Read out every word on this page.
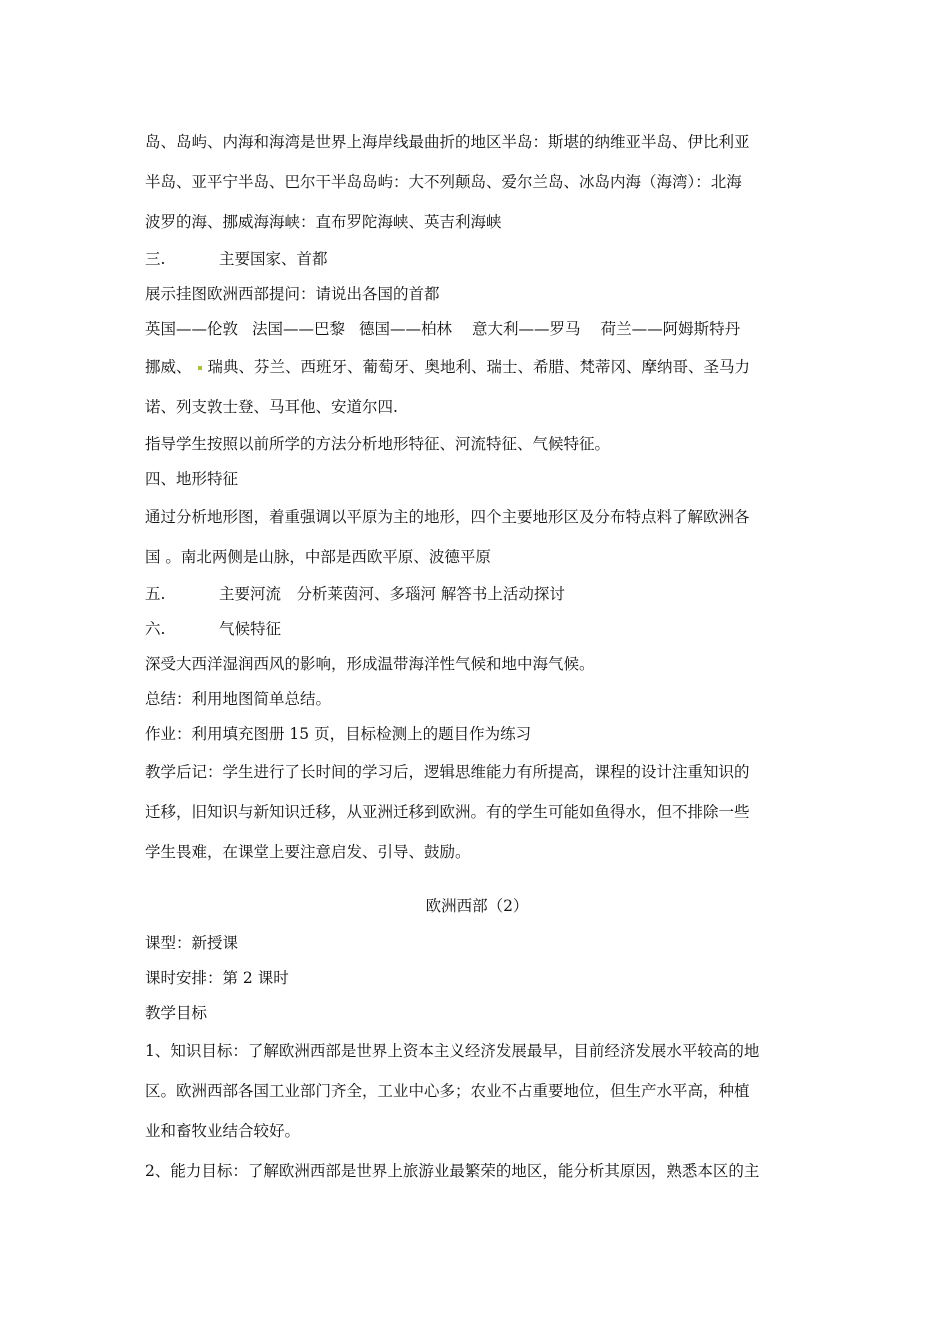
岛、岛屿、内海和海湾是世界上海岸线最曲折的地区半岛：斯堪的纳维亚半岛、伊比利亚
半岛、亚平宁半岛、巴尔干半岛岛屿：大不列颠岛、爱尔兰岛、冰岛内海（海湾）：北海
波罗的海、挪威海海峡：直布罗陀海峡、英吉利海峡
三.	主要国家、首都
展示挂图欧洲西部提问：请说出各国的首都
英国——伦敦 法国——巴黎 德国——柏林 意大利——罗马 荷兰——阿姆斯特丹
挪威、 瑞典、芬兰、西班牙、葡萄牙、奥地利、瑞士、希腊、梵蒂冈、摩纳哥、圣马力
诺、列支敦士登、马耳他、安道尔四.
指导学生按照以前所学的方法分析地形特征、河流特征、气候特征。
四、地形特征
通过分析地形图，着重强调以平原为主的地形，四个主要地形区及分布特点料了解欧洲各
国 。南北两侧是山脉，中部是西欧平原、波德平原
五.	主要河流　分析莱茵河、多瑙河 解答书上活动探讨
六.	气候特征
深受大西洋湿润西风的影响，形成温带海洋性气候和地中海气候。
总结：利用地图简单总结。
作业：利用填充图册 15 页，目标检测上的题目作为练习
教学后记：学生进行了长时间的学习后，逻辑思维能力有所提高，课程的设计注重知识的
迁移，旧知识与新知识迁移，从亚洲迁移到欧洲。有的学生可能如鱼得水，但不排除一些
学生畏难，在课堂上要注意启发、引导、鼓励。
欧洲西部（2）
课型：新授课
课时安排：第 2 课时
教学目标
1、知识目标：了解欧洲西部是世界上资本主义经济发展最早，目前经济发展水平较高的地
区。欧洲西部各国工业部门齐全，工业中心多；农业不占重要地位，但生产水平高，种植
业和畜牧业结合较好。
2、能力目标：了解欧洲西部是世界上旅游业最繁荣的地区，能分析其原因，熟悉本区的主
